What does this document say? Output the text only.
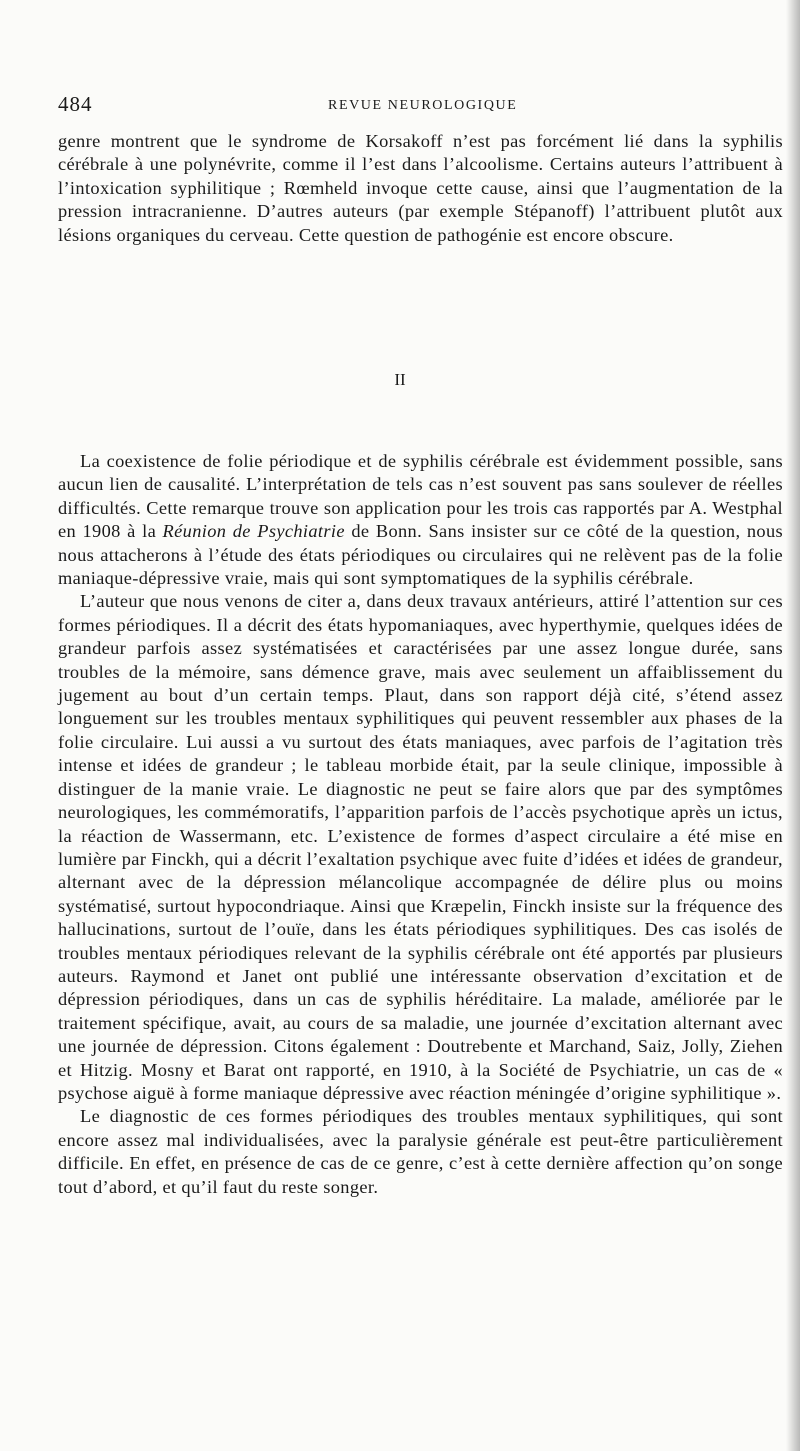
484	REVUE NEUROLOGIQUE

genre montrent que le syndrome de Korsakoff n’est pas forcément lié dans la syphilis cérébrale à une polynévrite, comme il l’est dans l’alcoolisme. Certains auteurs l’attribuent à l’intoxication syphilitique ; Rœmheld invoque cette cause, ainsi que l’augmentation de la pression intracranienne. D’autres auteurs (par exemple Stépanoff) l’attribuent plutôt aux lésions organiques du cerveau. Cette question de pathogénie est encore obscure.

II

La coexistence de folie périodique et de syphilis cérébrale est évidemment possible, sans aucun lien de causalité. L’interprétation de tels cas n’est souvent pas sans soulever de réelles difficultés. Cette remarque trouve son application pour les trois cas rapportés par A. Westphal en 1908 à la Réunion de Psychiatrie de Bonn. Sans insister sur ce côté de la question, nous nous attacherons à l’étude des états périodiques ou circulaires qui ne relèvent pas de la folie maniaque-dépressive vraie, mais qui sont symptomatiques de la syphilis cérébrale.

L’auteur que nous venons de citer a, dans deux travaux antérieurs, attiré l’attention sur ces formes périodiques. Il a décrit des états hypomaniaques, avec hyperthymie, quelques idées de grandeur parfois assez systématisées et caractérisées par une assez longue durée, sans troubles de la mémoire, sans démence grave, mais avec seulement un affaiblissement du jugement au bout d’un certain temps. Plaut, dans son rapport déjà cité, s’étend assez longuement sur les troubles mentaux syphilitiques qui peuvent ressembler aux phases de la folie circulaire. Lui aussi a vu surtout des états maniaques, avec parfois de l’agitation très intense et idées de grandeur ; le tableau morbide était, par la seule clinique, impossible à distinguer de la manie vraie. Le diagnostic ne peut se faire alors que par des symptômes neurologiques, les commémoratifs, l’apparition parfois de l’accès psychotique après un ictus, la réaction de Wassermann, etc. L’existence de formes d’aspect circulaire a été mise en lumière par Finckh, qui a décrit l’exaltation psychique avec fuite d’idées et idées de grandeur, alternant avec de la dépression mélancolique accompagnée de délire plus ou moins systématisé, surtout hypocondriaque. Ainsi que Kræpelin, Finckh insiste sur la fréquence des hallucinations, surtout de l’ouïe, dans les états périodiques syphilitiques. Des cas isolés de troubles mentaux périodiques relevant de la syphilis cérébrale ont été apportés par plusieurs auteurs. Raymond et Janet ont publié une intéressante observation d’excitation et de dépression périodiques, dans un cas de syphilis héréditaire. La malade, améliorée par le traitement spécifique, avait, au cours de sa maladie, une journée d’excitation alternant avec une journée de dépression. Citons également : Doutrebente et Marchand, Saiz, Jolly, Ziehen et Hitzig. Mosny et Barat ont rapporté, en 1910, à la Société de Psychiatrie, un cas de « psychose aiguë à forme maniaque dépressive avec réaction méningée d’origine syphilitique ».

Le diagnostic de ces formes périodiques des troubles mentaux syphilitiques, qui sont encore assez mal individualisées, avec la paralysie générale est peut-être particulièrement difficile. En effet, en présence de cas de ce genre, c’est à cette dernière affection qu’on songe tout d’abord, et qu’il faut du reste songer.
